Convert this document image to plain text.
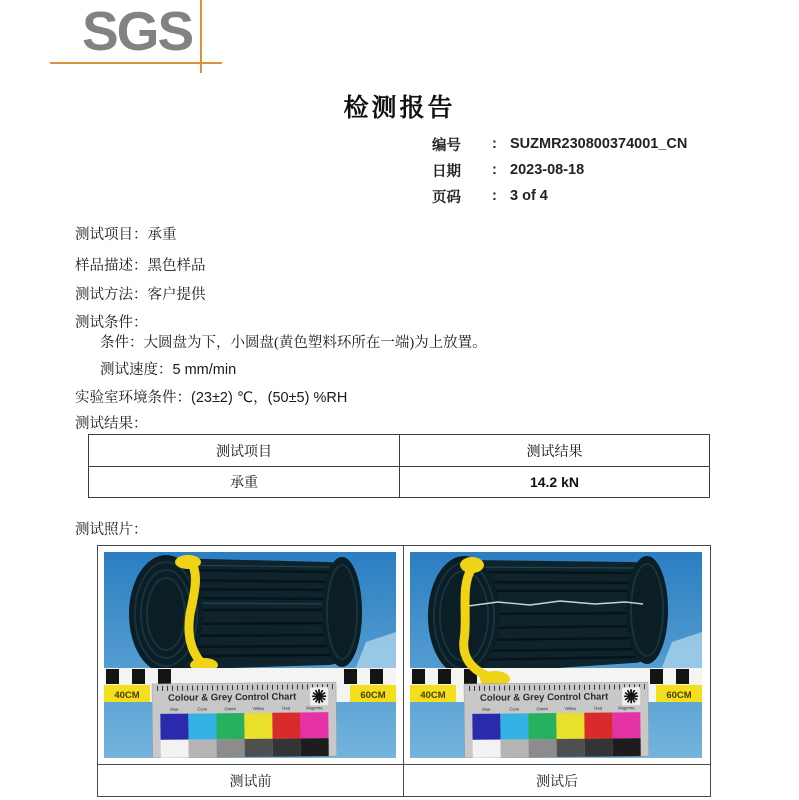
SGS
检测报告
编号	: SUZMR230800374001_CN
日期	: 2023-08-18
页码	: 3 of 4
测试项目：承重
样品描述：黑色样品
测试方法：客户提供
测试条件：
条件：大圆盘为下，小圆盘(黄色塑料环所在一端)为上放置。
测试速度：5 mm/min
实验室环境条件：(23±2) ℃，(50±5) %RH
测试结果：
测试项目	测试结果
承重	14.2 kN
测试照片：
40CM	60CM
Colour & Grey Control Chart
Blue	Cyan	Green	Yellow	Red	Magenta
40CM	60CM
Colour & Grey Control Chart
Blue	Cyan	Green	Yellow	Red	Magenta
测试前	测试后
